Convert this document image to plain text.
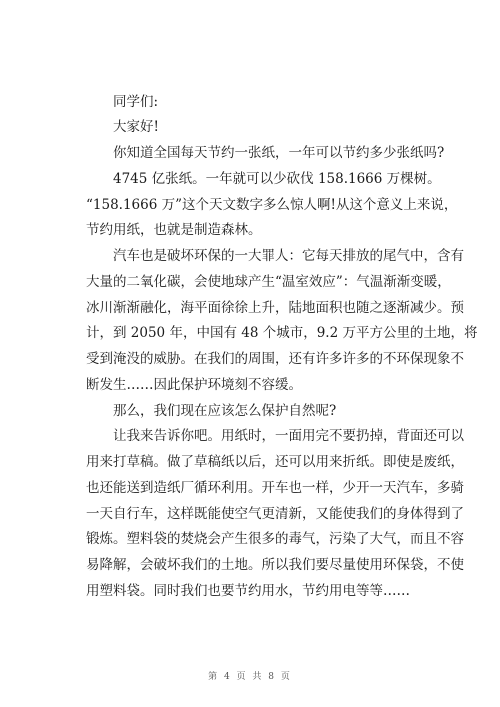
同学们:
大家好!
你知道全国每天节约一张纸，一年可以节约多少张纸吗?
4745 亿张纸。一年就可以少砍伐 158.1666 万棵树。
“158.1666 万”这个天文数字多么惊人啊!从这个意义上来说，
节约用纸，也就是制造森林。
汽车也是破坏环保的一大罪人：它每天排放的尾气中，含有
大量的二氧化碳，会使地球产生“温室效应”：气温渐渐变暖，
冰川渐渐融化，海平面徐徐上升，陆地面积也随之逐渐减少。预
计，到 2050 年，中国有 48 个城市，9.2 万平方公里的土地，将
受到淹没的威胁。在我们的周围，还有许多许多的不环保现象不
断发生……因此保护环境刻不容缓。
那么，我们现在应该怎么保护自然呢?
让我来告诉你吧。用纸时，一面用完不要扔掉，背面还可以
用来打草稿。做了草稿纸以后，还可以用来折纸。即使是废纸，
也还能送到造纸厂循环利用。开车也一样，少开一天汽车，多骑
一天自行车，这样既能使空气更清新，又能使我们的身体得到了
锻炼。塑料袋的焚烧会产生很多的毒气，污染了大气，而且不容
易降解，会破坏我们的土地。所以我们要尽量使用环保袋，不使
用塑料袋。同时我们也要节约用水，节约用电等等……
第 4 页 共 8 页
